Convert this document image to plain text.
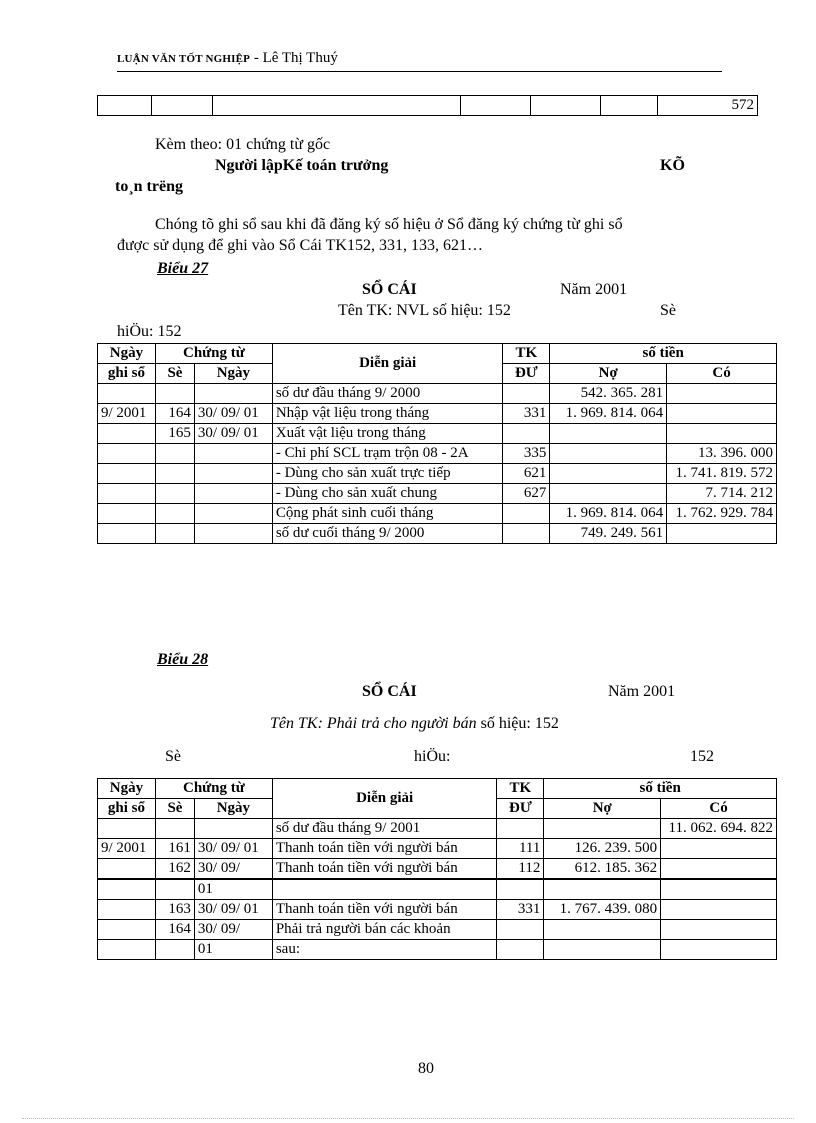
LUẬN VĂN TỐT NGHIỆP - Lê Thị Thuý
						572
Kèm theo: 01 chứng từ gốc
Người lậpKế toán trưởng	KÕ
to¸n trëng
Chóng tõ ghi sổ sau khi đã đăng ký số hiệu ở Sổ đăng ký chứng từ ghi sổ
được sử dụng để ghi vào Sổ Cái TK152, 331, 133, 621…
Biểu 27
SỔ CÁI	Năm 2001
Tên TK: NVL số hiệu: 152	Sè
hiÖu: 152
Ngày	Chứng từ		Diễn giải	TK	số tiền	
ghi sổ	Sè	Ngày		ĐƯ	Nợ	Có
			số dư đầu tháng 9/ 2000		542. 365. 281	
9/ 2001	164	30/ 09/ 01	Nhập vật liệu trong tháng	331	1. 969. 814. 064	
	165	30/ 09/ 01	Xuất vật liệu trong tháng			
			- Chi phí SCL trạm trộn 08 - 2A	335		13. 396. 000
			- Dùng cho sản xuất trực tiếp	621		1. 741. 819. 572
			- Dùng cho sản xuất chung	627		7. 714. 212
			Cộng phát sinh cuối tháng		1. 969. 814. 064	1. 762. 929. 784
			số dư cuối tháng 9/ 2000		749. 249. 561	
Biểu 28
SỔ CÁI	Năm 2001
Tên TK: Phải trả cho người bán số hiệu: 152
Sè	hiÖu:	152
Ngày	Chứng từ		Diễn giải	TK	số tiền	
ghi sổ	Sè	Ngày		ĐƯ	Nợ	Có
			số dư đầu tháng 9/ 2001			11. 062. 694. 822
9/ 2001	161	30/ 09/ 01	Thanh toán tiền với người bán	111	126. 239. 500	
	162	30/ 09/	Thanh toán tiền với người bán	112	612. 185. 362	
		01				
	163	30/ 09/ 01	Thanh toán tiền với người bán	331	1. 767. 439. 080	
	164	30/ 09/	Phải trả người bán các khoản			
		01	sau:			
80
